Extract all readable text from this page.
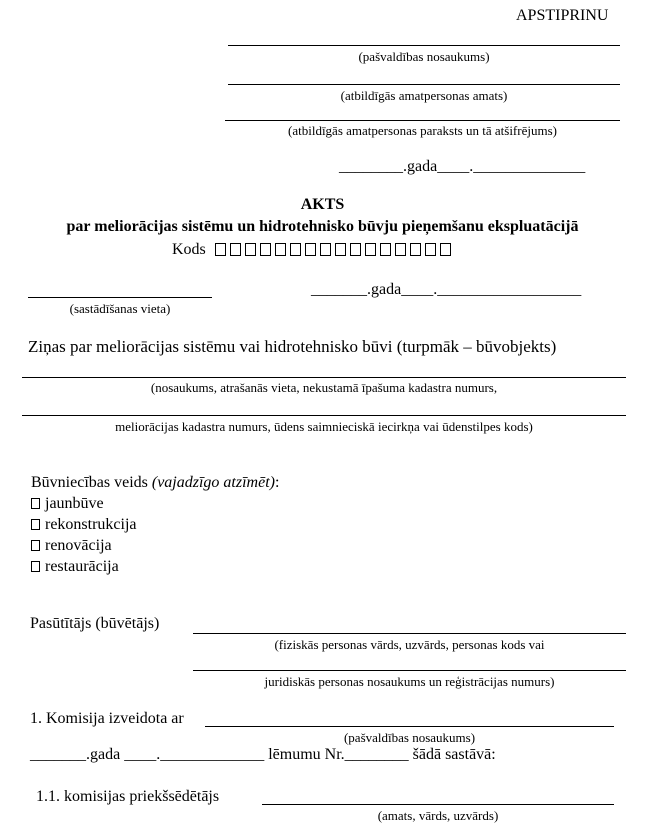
APSTIPRINU
(pašvaldības nosaukums)
(atbildīgās amatpersonas amats)
(atbildīgās amatpersonas paraksts un tā atšifrējums)
________.gada____.______________
AKTS
par meliorācijas sistēmu un hidrotehnisko būvju pieņemšanu ekspluatācijā
Kods
(sastādīšanas vieta)
_______.gada____.__________________
Ziņas par meliorācijas sistēmu vai hidrotehnisko būvi (turpmāk – būvobjekts)
(nosaukums, atrašanās vieta, nekustamā īpašuma kadastra numurs,
meliorācijas kadastra numurs, ūdens saimnieciskā iecirkņa vai ūdenstilpes kods)
Būvniecības veids (vajadzīgo atzīmēt):
jaunbūve
rekonstrukcija
renovācija
restaurācija
Pasūtītājs (būvētājs)
(fiziskās personas vārds, uzvārds, personas kods vai
juridiskās personas nosaukums un reģistrācijas numurs)
1. Komisija izveidota ar
(pašvaldības nosaukums)
_______.gada ____._____________ lēmumu Nr.________ šādā sastāvā:
1.1. komisijas priekšsēdētājs
(amats, vārds, uzvārds)
